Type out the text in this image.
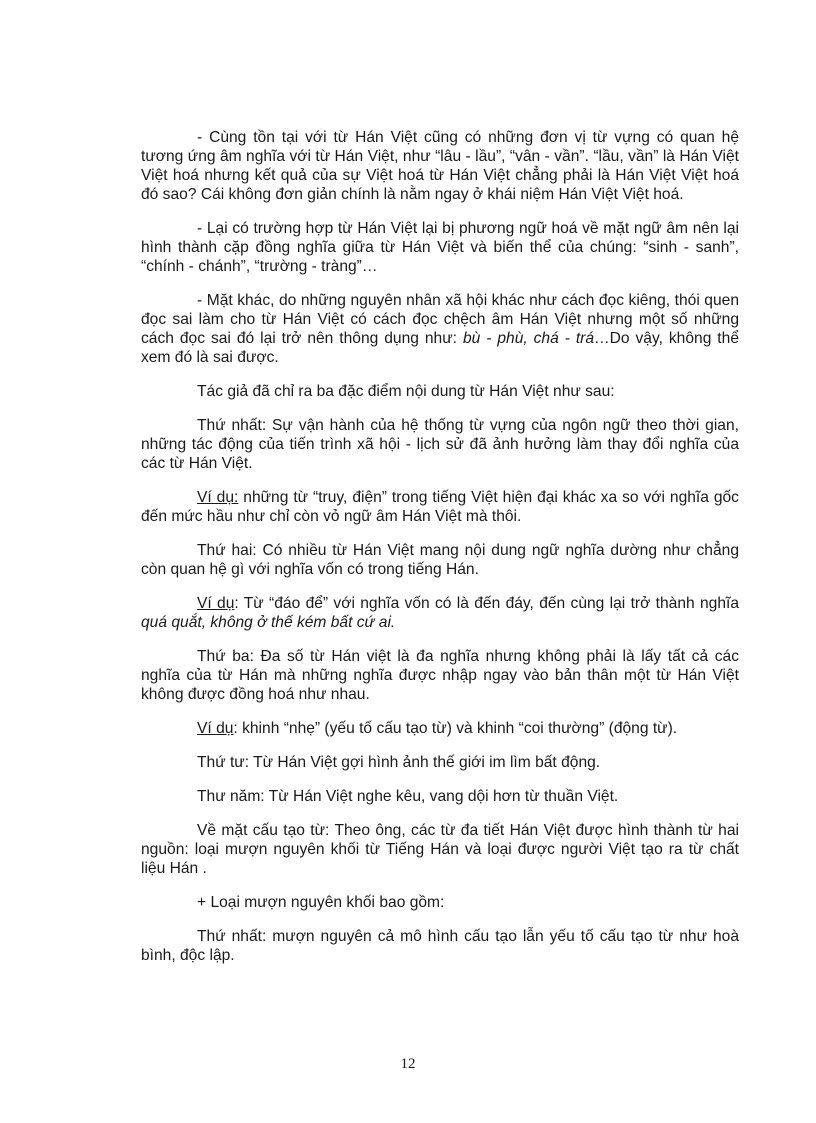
- Cùng tồn tại với từ Hán Việt cũng có những đơn vị từ vựng có quan hệ tương ứng âm nghĩa với từ Hán Việt, như “lâu - lầu”, “vân - vần”. “lầu, vần” là Hán Việt Việt hoá nhưng kết quả của sự Việt hoá từ Hán Việt chẳng phải là Hán Việt Việt hoá đó sao? Cái không đơn giản chính là nằm ngay ở khái niệm Hán Việt Việt hoá.

- Lại có trường hợp từ Hán Việt lại bị phương ngữ hoá về mặt ngữ âm nên lại hình thành cặp đồng nghĩa giữa từ Hán Việt và biến thể của chúng: “sinh - sanh”, “chính - chánh”, “trường - tràng”…

- Mặt khác, do những nguyên nhân xã hội khác như cách đọc kiêng, thói quen đọc sai làm cho từ Hán Việt có cách đọc chệch âm Hán Việt nhưng một số những cách đọc sai đó lại trở nên thông dụng như: bù - phù, chá - trá…Do vậy, không thể xem đó là sai được.

Tác giả đã chỉ ra ba đặc điểm nội dung từ Hán Việt như sau:

Thứ nhất: Sự vận hành của hệ thống từ vựng của ngôn ngữ theo thời gian, những tác động của tiến trình xã hội - lịch sử đã ảnh hưởng làm thay đổi nghĩa của các từ Hán Việt.

Ví dụ: những từ “truy, điện” trong tiếng Việt hiện đại khác xa so với nghĩa gốc đến mức hầu như chỉ còn vỏ ngữ âm Hán Việt mà thôi.

Thứ hai: Có nhiều từ Hán Việt mang nội dung ngữ nghĩa dường như chẳng còn quan hệ gì với nghĩa vốn có trong tiếng Hán.

Ví dụ: Từ “đáo để” với nghĩa vốn có là đến đáy, đến cùng lại trở thành nghĩa quá quắt, không ở thế kém bất cứ ai.

Thứ ba: Đa số từ Hán việt là đa nghĩa nhưng không phải là lấy tất cả các nghĩa của từ Hán mà những nghĩa được nhập ngay vào bản thân một từ Hán Việt không được đồng hoá như nhau.

Ví dụ: khinh “nhẹ” (yếu tố cấu tạo từ) và khinh “coi thường” (động từ).

Thứ tư: Từ Hán Việt gợi hình ảnh thế giới im lìm bất động.

Thư năm: Từ Hán Việt nghe kêu, vang dội hơn từ thuần Việt.

Về mặt cấu tạo từ: Theo ông, các từ đa tiết Hán Việt được hình thành từ hai nguồn: loại mượn nguyên khối từ Tiếng Hán và loại được người Việt tạo ra từ chất liệu Hán .

+ Loại mượn nguyên khối bao gồm:

Thứ nhất: mượn nguyên cả mô hình cấu tạo lẫn yếu tố cấu tạo từ như hoà bình, độc lập.

12
